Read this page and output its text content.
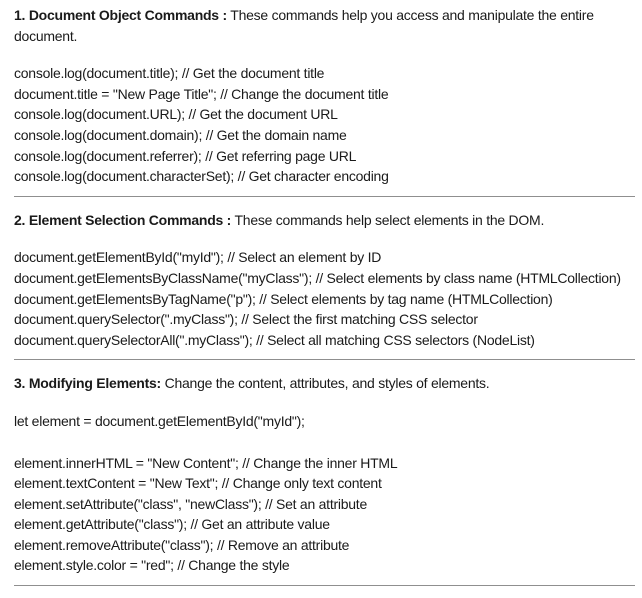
1. Document Object Commands : These commands help you access and manipulate the entire document.

console.log(document.title); // Get the document title
document.title = "New Page Title"; // Change the document title
console.log(document.URL); // Get the document URL
console.log(document.domain); // Get the domain name
console.log(document.referrer); // Get referring page URL
console.log(document.characterSet); // Get character encoding

2. Element Selection Commands : These commands help select elements in the DOM.

document.getElementById("myId"); // Select an element by ID
document.getElementsByClassName("myClass"); // Select elements by class name (HTMLCollection)
document.getElementsByTagName("p"); // Select elements by tag name (HTMLCollection)
document.querySelector(".myClass"); // Select the first matching CSS selector
document.querySelectorAll(".myClass"); // Select all matching CSS selectors (NodeList)

3. Modifying Elements: Change the content, attributes, and styles of elements.

let element = document.getElementById("myId");

element.innerHTML = "New Content"; // Change the inner HTML
element.textContent = "New Text"; // Change only text content
element.setAttribute("class", "newClass"); // Set an attribute
element.getAttribute("class"); // Get an attribute value
element.removeAttribute("class"); // Remove an attribute
element.style.color = "red"; // Change the style
